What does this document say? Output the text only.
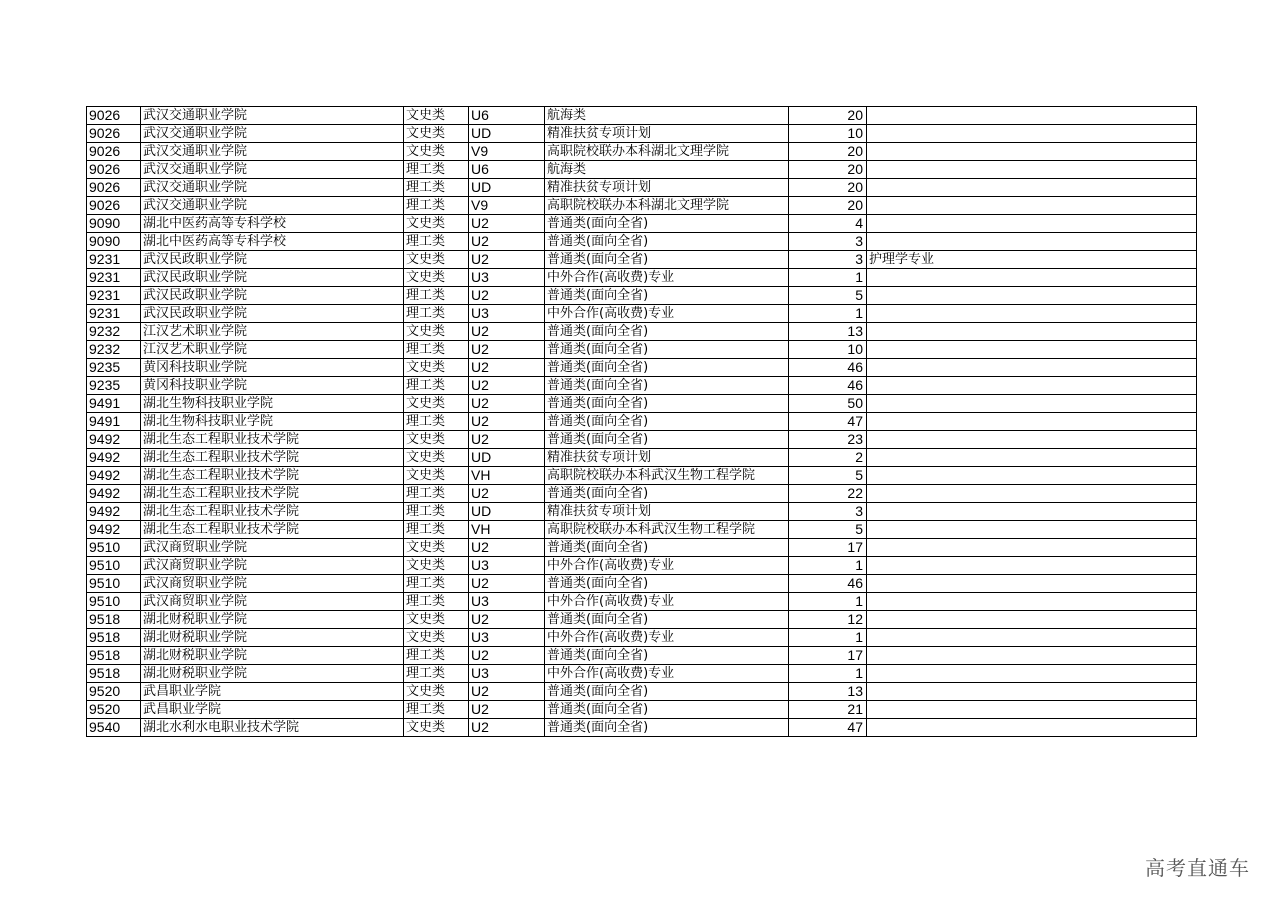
9026	武汉交通职业学院	文史类	U6	航海类	20	
9026	武汉交通职业学院	文史类	UD	精准扶贫专项计划	10	
9026	武汉交通职业学院	文史类	V9	高职院校联办本科湖北文理学院	20	
9026	武汉交通职业学院	理工类	U6	航海类	20	
9026	武汉交通职业学院	理工类	UD	精准扶贫专项计划	20	
9026	武汉交通职业学院	理工类	V9	高职院校联办本科湖北文理学院	20	
9090	湖北中医药高等专科学校	文史类	U2	普通类(面向全省)	4	
9090	湖北中医药高等专科学校	理工类	U2	普通类(面向全省)	3	
9231	武汉民政职业学院	文史类	U2	普通类(面向全省)	3	护理学专业
9231	武汉民政职业学院	文史类	U3	中外合作(高收费)专业	1	
9231	武汉民政职业学院	理工类	U2	普通类(面向全省)	5	
9231	武汉民政职业学院	理工类	U3	中外合作(高收费)专业	1	
9232	江汉艺术职业学院	文史类	U2	普通类(面向全省)	13	
9232	江汉艺术职业学院	理工类	U2	普通类(面向全省)	10	
9235	黄冈科技职业学院	文史类	U2	普通类(面向全省)	46	
9235	黄冈科技职业学院	理工类	U2	普通类(面向全省)	46	
9491	湖北生物科技职业学院	文史类	U2	普通类(面向全省)	50	
9491	湖北生物科技职业学院	理工类	U2	普通类(面向全省)	47	
9492	湖北生态工程职业技术学院	文史类	U2	普通类(面向全省)	23	
9492	湖北生态工程职业技术学院	文史类	UD	精准扶贫专项计划	2	
9492	湖北生态工程职业技术学院	文史类	VH	高职院校联办本科武汉生物工程学院	5	
9492	湖北生态工程职业技术学院	理工类	U2	普通类(面向全省)	22	
9492	湖北生态工程职业技术学院	理工类	UD	精准扶贫专项计划	3	
9492	湖北生态工程职业技术学院	理工类	VH	高职院校联办本科武汉生物工程学院	5	
9510	武汉商贸职业学院	文史类	U2	普通类(面向全省)	17	
9510	武汉商贸职业学院	文史类	U3	中外合作(高收费)专业	1	
9510	武汉商贸职业学院	理工类	U2	普通类(面向全省)	46	
9510	武汉商贸职业学院	理工类	U3	中外合作(高收费)专业	1	
9518	湖北财税职业学院	文史类	U2	普通类(面向全省)	12	
9518	湖北财税职业学院	文史类	U3	中外合作(高收费)专业	1	
9518	湖北财税职业学院	理工类	U2	普通类(面向全省)	17	
9518	湖北财税职业学院	理工类	U3	中外合作(高收费)专业	1	
9520	武昌职业学院	文史类	U2	普通类(面向全省)	13	
9520	武昌职业学院	理工类	U2	普通类(面向全省)	21	
9540	湖北水利水电职业技术学院	文史类	U2	普通类(面向全省)	47	
高考直通车
